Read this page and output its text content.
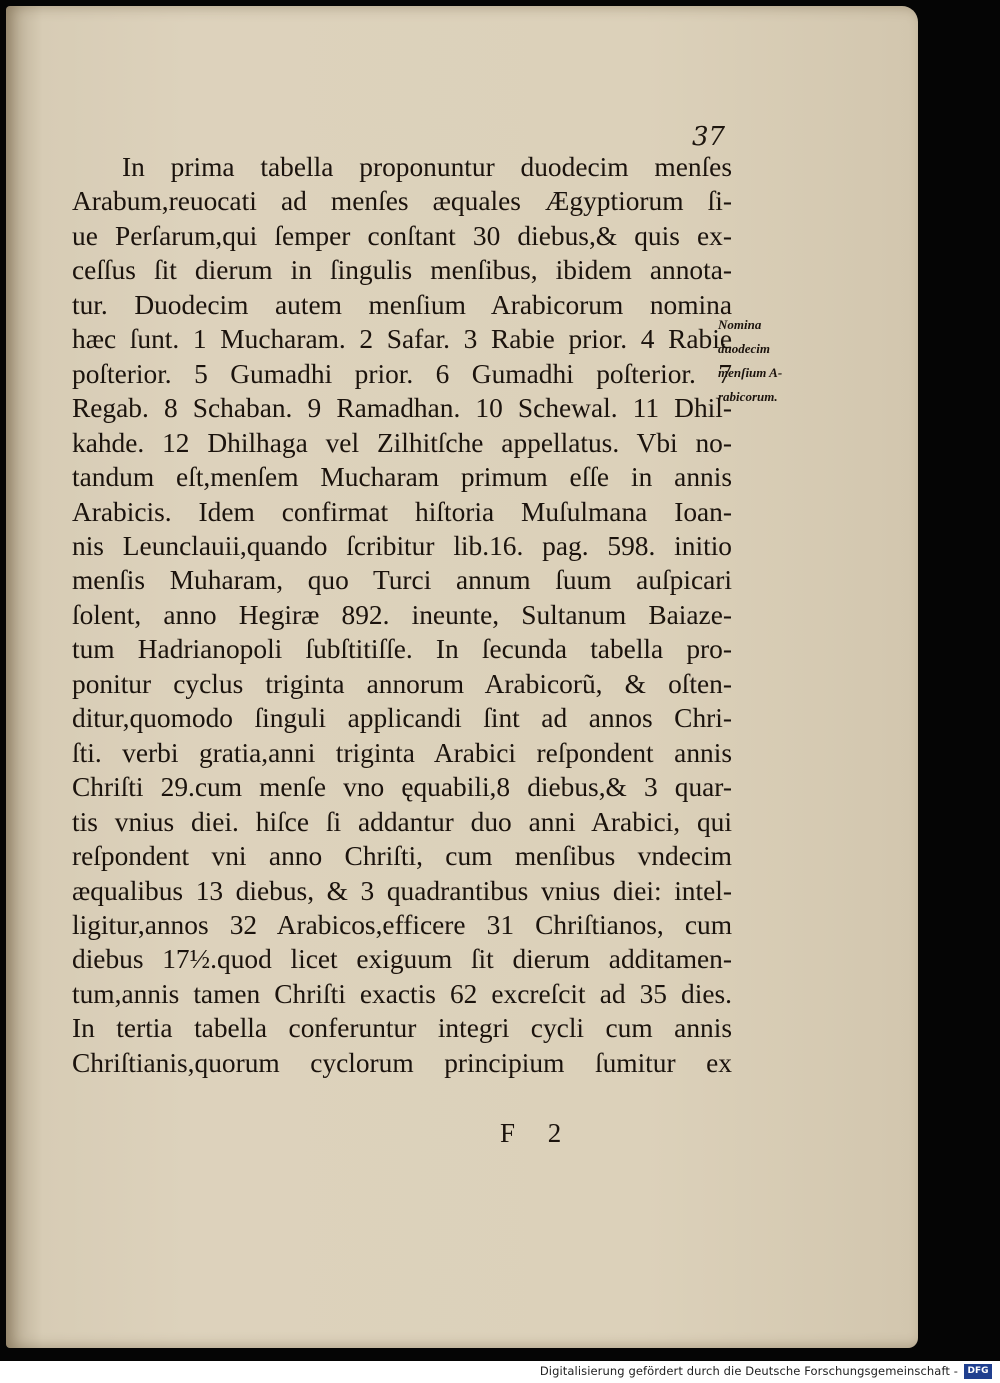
37
In prima tabella proponuntur duodecim menſes
Arabum,reuocati ad menſes æquales Ægyptiorum ſi-
ue Perſarum,qui ſemper conſtant 30 diebus,& quis ex-
ceſſus ſit dierum in ſingulis menſibus, ibidem annota-
tur. Duodecim autem menſium Arabicorum nomina
hæc ſunt. 1 Mucharam. 2 Safar. 3 Rabie prior. 4 Rabie
poſterior. 5 Gumadhi prior. 6 Gumadhi poſterior. 7
Regab. 8 Schaban. 9 Ramadhan. 10 Schewal. 11 Dhil-
kahde. 12 Dhilhaga vel Zilhitſche appellatus. Vbi no-
tandum eſt,menſem Mucharam primum eſſe in annis
Arabicis. Idem confirmat hiſtoria Muſulmana Ioan-
nis Leunclauii,quando ſcribitur lib.16. pag. 598. initio
menſis Muharam, quo Turci annum ſuum auſpicari
ſolent, anno Hegiræ 892. ineunte, Sultanum Baiaze-
tum Hadrianopoli ſubſtitiſſe. In ſecunda tabella pro-
ponitur cyclus triginta annorum Arabicorũ, & oſten-
ditur,quomodo ſinguli applicandi ſint ad annos Chri-
ſti. verbi gratia,anni triginta Arabici reſpondent annis
Chriſti 29.cum menſe vno ęquabili,8 diebus,& 3 quar-
tis vnius diei. hiſce ſi addantur duo anni Arabici, qui
reſpondent vni anno Chriſti, cum menſibus vndecim
æqualibus 13 diebus, & 3 quadrantibus vnius diei: intel-
ligitur,annos 32 Arabicos,efficere 31 Chriſtianos, cum
diebus 17½.quod licet exiguum ſit dierum additamen-
tum,annis tamen Chriſti exactis 62 excreſcit ad 35 dies.
In tertia tabella conferuntur integri cycli cum annis
Chriſtianis,quorum cyclorum principium ſumitur ex
Nomina
duodecim
menſium A-
rabicorum.
F 2
Digitalisierung gefördert durch die Deutsche Forschungsgemeinschaft -	DFG
